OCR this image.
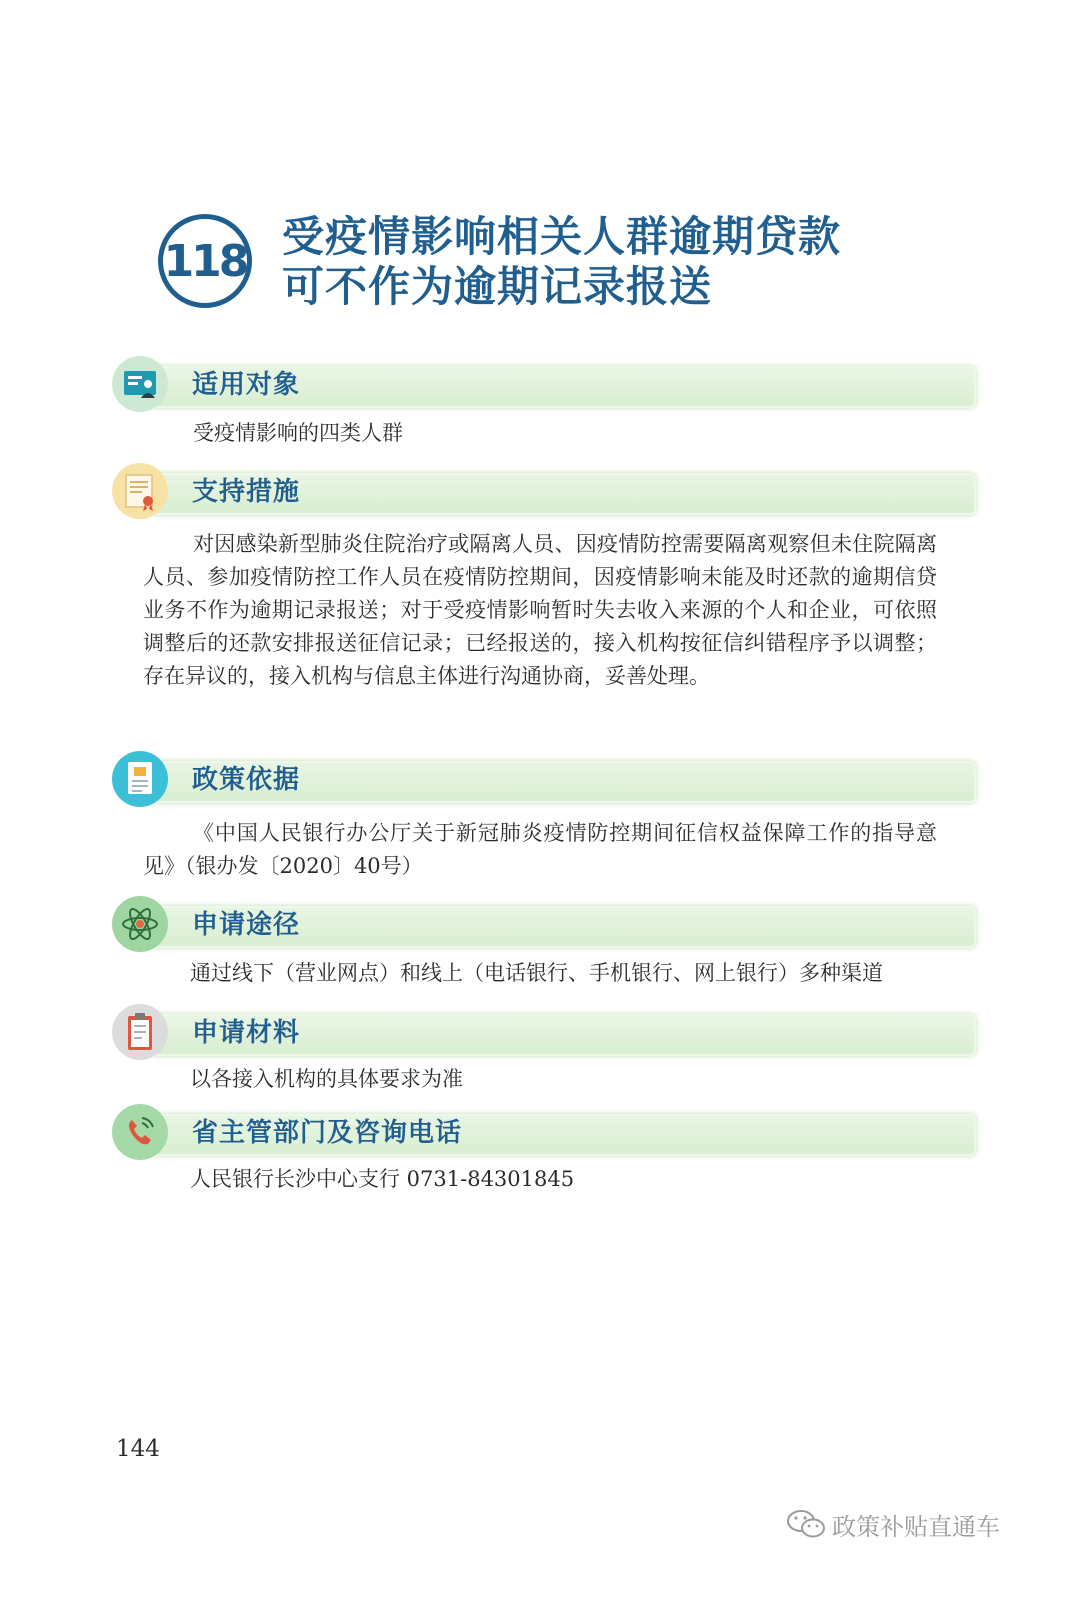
118 受疫情影响相关人群逾期贷款
可不作为逾期记录报送
适用对象

受疫情影响的四类人群

支持措施

对因感染新型肺炎住院治疗或隔离人员、因疫情防控需要隔离观察但未住院隔离人员、参加疫情防控工作人员在疫情防控期间，因疫情影响未能及时还款的逾期信贷业务不作为逾期记录报送；对于受疫情影响暂时失去收入来源的个人和企业，可依照调整后的还款安排报送征信记录；已经报送的，接入机构按征信纠错程序予以调整；存在异议的，接入机构与信息主体进行沟通协商，妥善处理。

政策依据

《中国人民银行办公厅关于新冠肺炎疫情防控期间征信权益保障工作的指导意见》（银办发〔2020〕40号）

申请途径

通过线下（营业网点）和线上（电话银行、手机银行、网上银行）多种渠道

申请材料

以各接入机构的具体要求为准

省主管部门及咨询电话

人民银行长沙中心支行 0731-84301845

144
政策补贴直通车
